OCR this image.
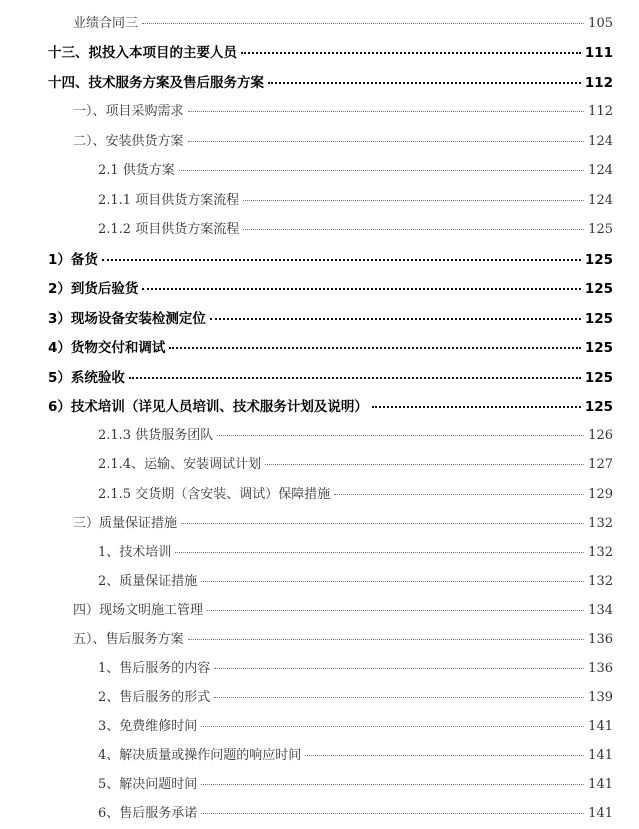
业绩合同三	105
十三、拟投入本项目的主要人员	111
十四、技术服务方案及售后服务方案	112
一）、项目采购需求	112
二）、安装供货方案	124
2.1 供货方案	124
2.1.1 项目供货方案流程	124
2.1.2 项目供货方案流程	125
1）备货	125
2）到货后验货	125
3）现场设备安装检测定位	125
4）货物交付和调试	125
5）系统验收	125
6）技术培训（详见人员培训、技术服务计划及说明）	125
2.1.3 供货服务团队	126
2.1.4、运输、安装调试计划	127
2.1.5 交货期（含安装、调试）保障措施	129
三）质量保证措施	132
1、技术培训	132
2、质量保证措施	132
四）现场文明施工管理	134
五）、售后服务方案	136
1、售后服务的内容	136
2、售后服务的形式	139
3、免费维修时间	141
4、解决质量或操作问题的响应时间	141
5、解决问题时间	141
6、售后服务承诺	141
